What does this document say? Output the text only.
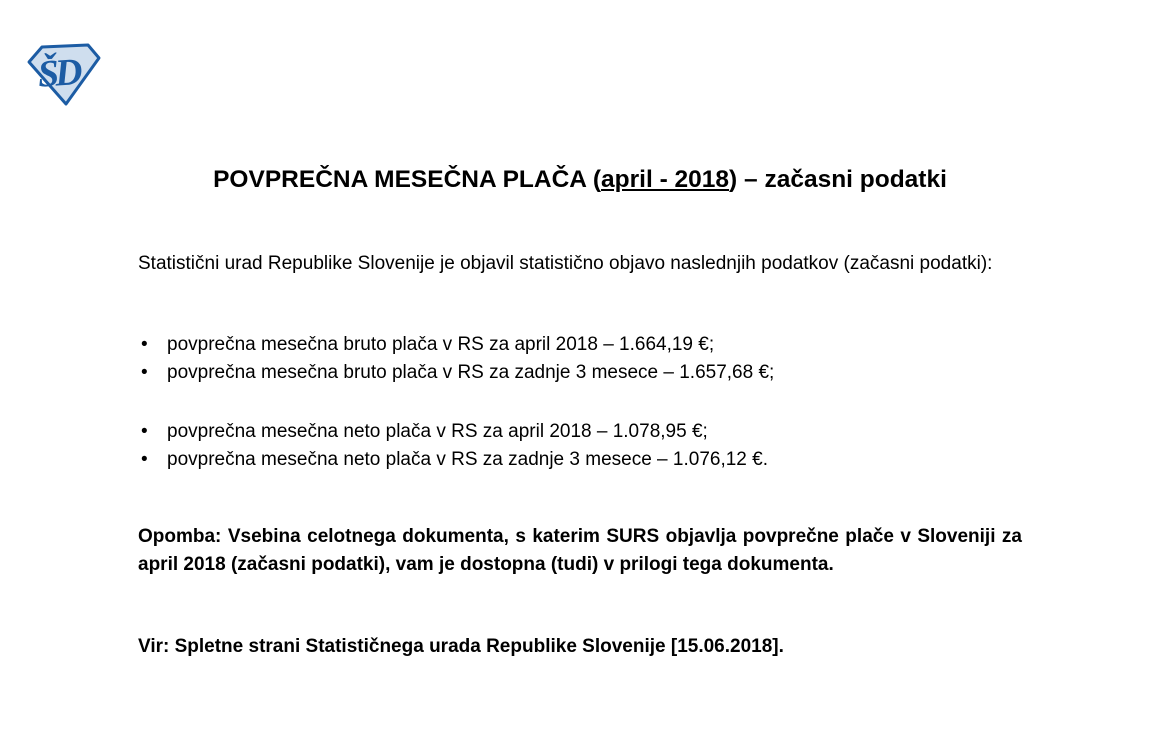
ŠD
POVPREČNA MESEČNA PLAČA (april - 2018) – začasni podatki

Statistični urad Republike Slovenije je objavil statistično objavo naslednjih podatkov (začasni podatki):

• povprečna mesečna bruto plača v RS za april 2018 – 1.664,19 €;
• povprečna mesečna bruto plača v RS za zadnje 3 mesece – 1.657,68 €;
• povprečna mesečna neto plača v RS za april 2018 – 1.078,95 €;
• povprečna mesečna neto plača v RS za zadnje 3 mesece – 1.076,12 €.

Opomba: Vsebina celotnega dokumenta, s katerim SURS objavlja povprečne plače v Sloveniji za april 2018 (začasni podatki), vam je dostopna (tudi) v prilogi tega dokumenta.

Vir: Spletne strani Statističnega urada Republike Slovenije [15.06.2018].
